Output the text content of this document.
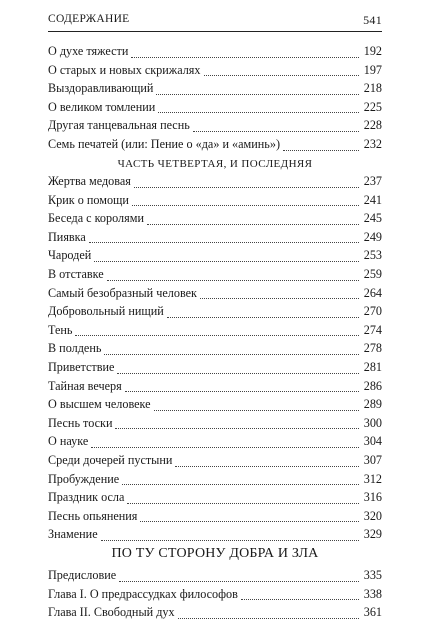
СОДЕРЖАНИЕ	541
О духе тяжести	192
О старых и новых скрижалях	197
Выздоравливающий	218
О великом томлении	225
Другая танцевальная песнь	228
Семь печатей (или: Пение о «да» и «аминь»)	232
ЧАСТЬ ЧЕТВЕРТАЯ, И ПОСЛЕДНЯЯ
Жертва медовая	237
Крик о помощи	241
Беседа с королями	245
Пиявка	249
Чародей	253
В отставке	259
Самый безобразный человек	264
Добровольный нищий	270
Тень	274
В полдень	278
Приветствие	281
Тайная вечеря	286
О высшем человеке	289
Песнь тоски	300
О науке	304
Среди дочерей пустыни	307
Пробуждение	312
Праздник осла	316
Песнь опьянения	320
Знамение	329
ПО ТУ СТОРОНУ ДОБРА И ЗЛА
Предисловие	335
Глава I. О предрассудках философов	338
Глава II. Свободный дух	361
